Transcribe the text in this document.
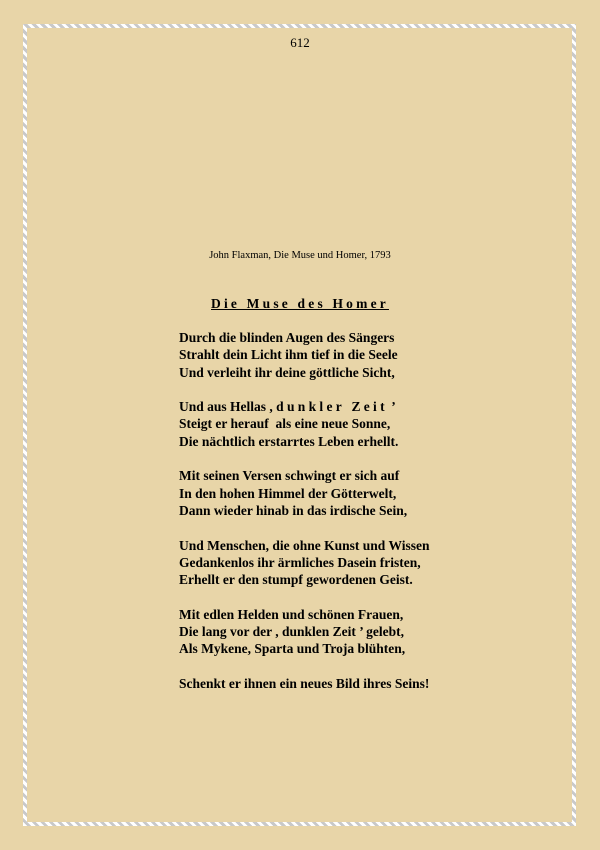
612
John Flaxman, Die Muse und Homer, 1793
Die Muse des Homer
Durch die blinden Augen des Sängers
Strahlt dein Licht ihm tief in die Seele
Und verleiht ihr deine göttliche Sicht,
Und aus Hellas , dunkler Zeit ’
Steigt er herauf  als eine neue Sonne,
Die nächtlich erstarrtes Leben erhellt.
Mit seinen Versen schwingt er sich auf
In den hohen Himmel der Götterwelt,
Dann wieder hinab in das irdische Sein,
Und Menschen, die ohne Kunst und Wissen
Gedankenlos ihr ärmliches Dasein fristen,
Erhellt er den stumpf gewordenen Geist.
Mit edlen Helden und schönen Frauen,
Die lang vor der , dunklen Zeit ’ gelebt,
Als Mykene, Sparta und Troja blühten,
Schenkt er ihnen ein neues Bild ihres Seins!
